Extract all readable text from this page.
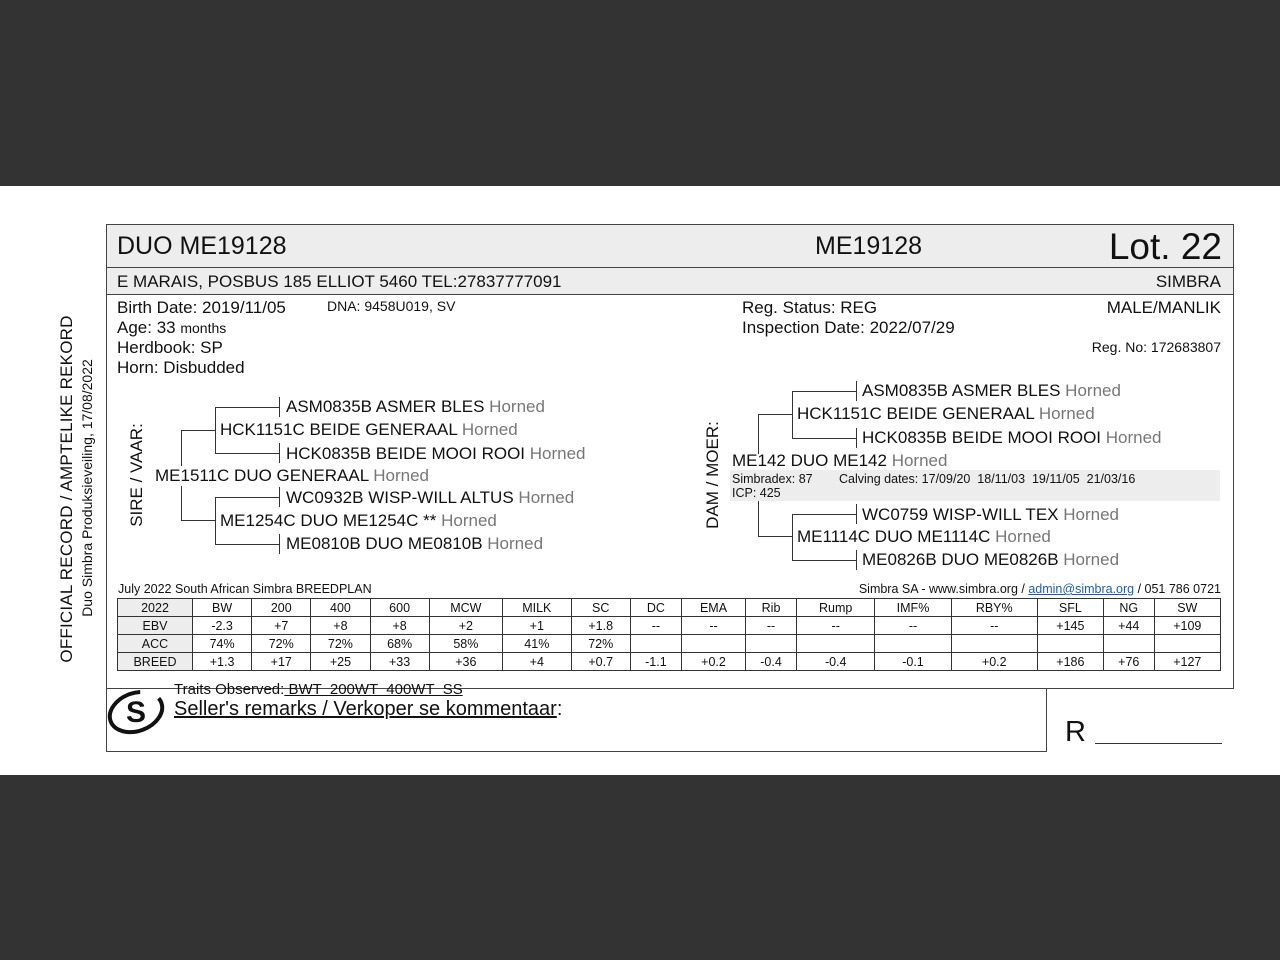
OFFICIAL RECORD / AMPTELIKE REKORD Duo Simbra Produksieveiling, 17/08/2022
DUO ME19128	ME19128	Lot. 22
E MARAIS, POSBUS 185 ELLIOT 5460 TEL:27837777091	SIMBRA
Birth Date: 2019/11/05	DNA: 9458U019, SV
Age: 33 months
Herdbook: SP
Horn: Disbudded
Reg. Status: REG
Inspection Date: 2022/07/29
MALE/MANLIK
Reg. No: 172683807
SIRE / VAAR:
ASM0835B ASMER BLES Horned
HCK1151C BEIDE GENERAAL Horned
HCK0835B BEIDE MOOI ROOI Horned
ME1511C DUO GENERAAL Horned
WC0932B WISP-WILL ALTUS Horned
ME1254C DUO ME1254C ** Horned
ME0810B DUO ME0810B Horned
DAM / MOER:
ASM0835B ASMER BLES Horned
HCK1151C BEIDE GENERAAL Horned
HCK0835B BEIDE MOOI ROOI Horned
ME142 DUO ME142 Horned
Simbradex: 87 Calving dates: 17/09/20  18/11/03  19/11/05  21/03/16
ICP: 425
WC0759 WISP-WILL TEX Horned
ME1114C DUO ME1114C Horned
ME0826B DUO ME0826B Horned
July 2022 South African Simbra BREEDPLAN	Simbra SA - www.simbra.org / admin@simbra.org / 051 786 0721
2022	BW	200	400	600	MCW	MILK	SC	DC	EMA	Rib	Rump	IMF%	RBY%	SFL	NG	SW
EBV	-2.3	+7	+8	+8	+2	+1	+1.8	--	--	--	--	--	--	+145	+44	+109
ACC	74%	72%	72%	68%	58%	41%	72%									
BREED	+1.3	+17	+25	+33	+36	+4	+0.7	-1.1	+0.2	-0.4	-0.4	-0.1	+0.2	+186	+76	+127
S
Traits Observed: BWT  200WT  400WT  SS
Seller's remarks / Verkoper se kommentaar:
R
